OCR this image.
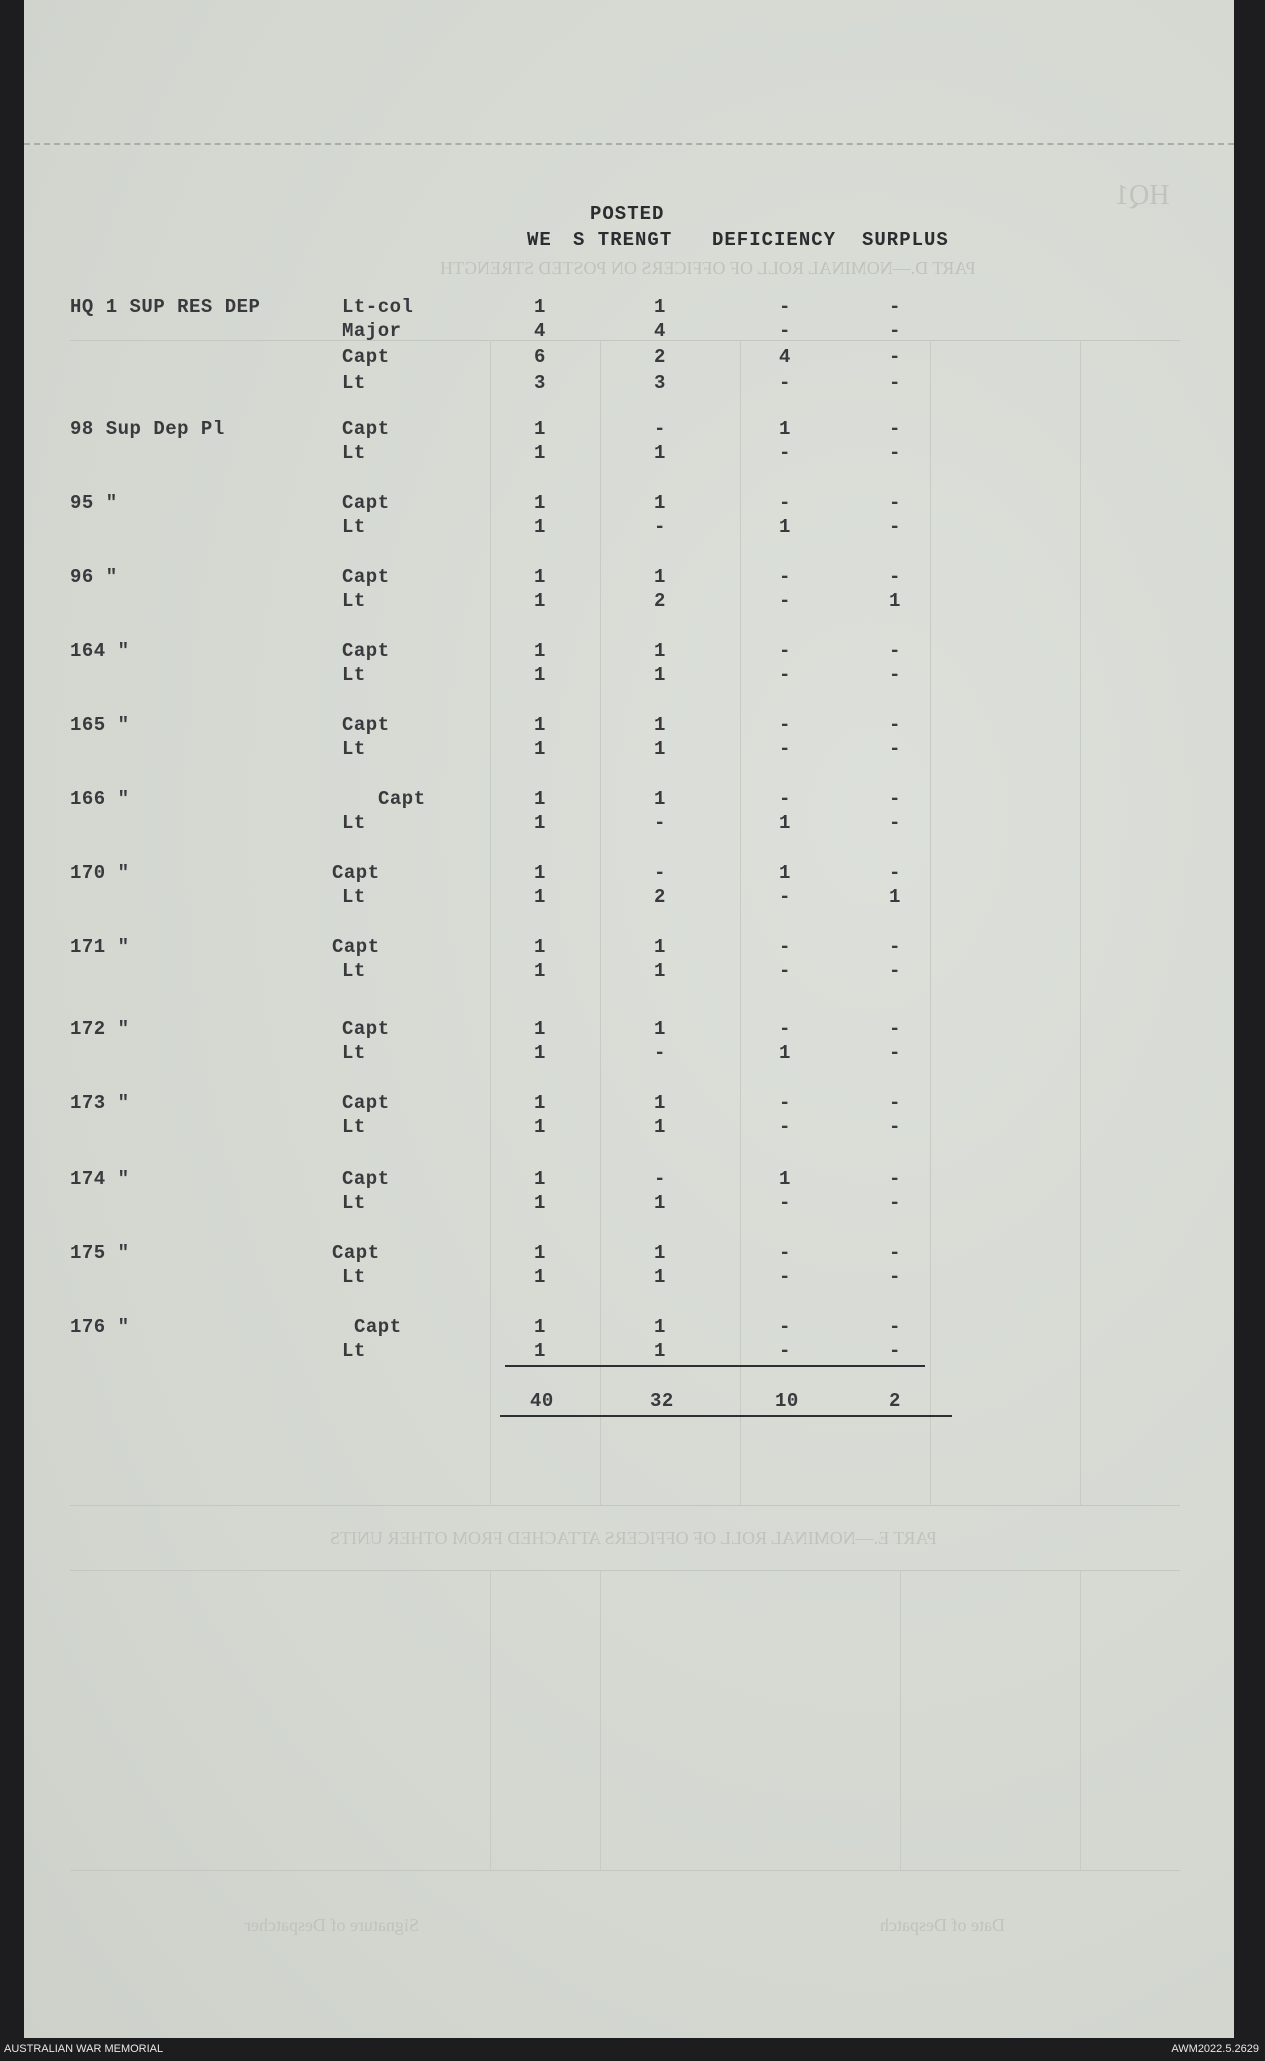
HQ1
PART D.—NOMINAL ROLL OF OFFICERS ON POSTED STRENGTH
PART E.—NOMINAL ROLL OF OFFICERS ATTACHED FROM OTHER UNITS
Date of Despatch
Signature of Despatcher
POSTED
WE S TRENGT DEFICIENCY SURPLUS
HQ 1 SUP RES DEP	Lt-col	1	1	-	-
Major	4	4	-	-
Capt	6	2	4	-
Lt	3	3	-	-
98 Sup Dep Pl	Capt	1	-	1	-
Lt	1	1	-	-
95 "	Capt	1	1	-	-
Lt	1	-	1	-
96 "	Capt	1	1	-	-
Lt	1	2	-	1
164 "	Capt	1	1	-	-
Lt	1	1	-	-
165 "	Capt	1	1	-	-
Lt	1	1	-	-
166 "	Capt	1	1	-	-
Lt	1	-	1	-
170 "	Capt	1	-	1	-
Lt	1	2	-	1
171 "	Capt	1	1	-	-
Lt	1	1	-	-
172 "	Capt	1	1	-	-
Lt	1	-	1	-
173 "	Capt	1	1	-	-
Lt	1	1	-	-
174 "	Capt	1	-	1	-
Lt	1	1	-	-
175 "	Capt	1	1	-	-
Lt	1	1	-	-
176 "	Capt	1	1	-	-
Lt	1	1	-	-
40	32	10	2
AUSTRALIAN WAR MEMORIAL	AWM2022.5.2629
